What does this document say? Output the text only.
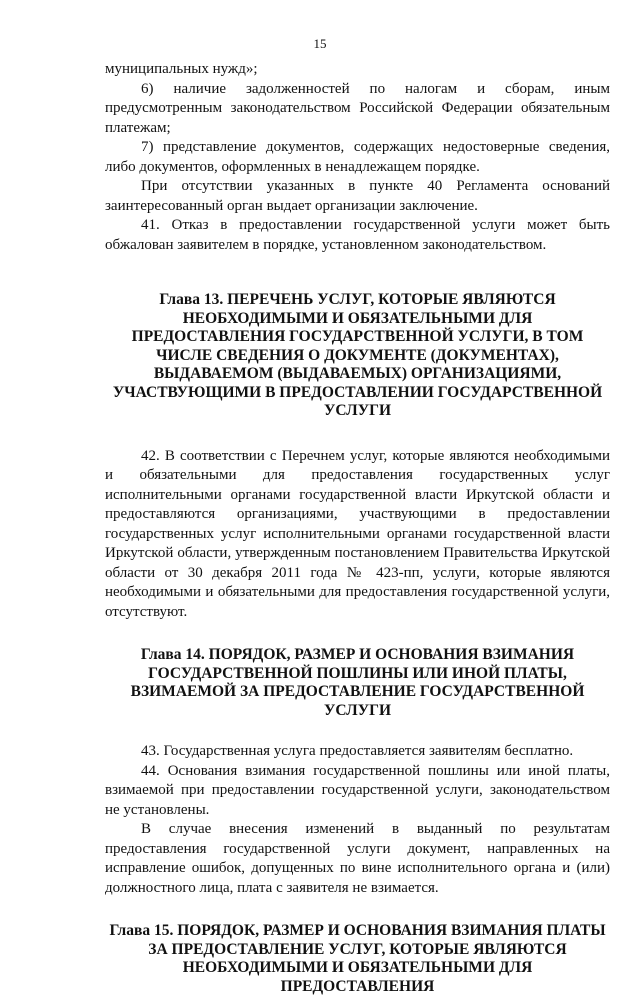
15

муниципальных нужд»;

6) наличие задолженностей по налогам и сборам, иным предусмотренным законодательством Российской Федерации обязательным платежам;

7) представление документов, содержащих недостоверные сведения, либо документов, оформленных в ненадлежащем порядке.

При отсутствии указанных в пункте 40 Регламента оснований заинтересованный орган выдает организации заключение.

41. Отказ в предоставлении государственной услуги может быть обжалован заявителем в порядке, установленном законодательством.

Глава 13. ПЕРЕЧЕНЬ УСЛУГ, КОТОРЫЕ ЯВЛЯЮТСЯ НЕОБХОДИМЫМИ И ОБЯЗАТЕЛЬНЫМИ ДЛЯ ПРЕДОСТАВЛЕНИЯ ГОСУДАРСТВЕННОЙ УСЛУГИ, В ТОМ ЧИСЛЕ СВЕДЕНИЯ О ДОКУМЕНТЕ (ДОКУМЕНТАХ), ВЫДАВАЕМОМ (ВЫДАВАЕМЫХ) ОРГАНИЗАЦИЯМИ, УЧАСТВУЮЩИМИ В ПРЕДОСТАВЛЕНИИ ГОСУДАРСТВЕННОЙ УСЛУГИ

42. В соответствии с Перечнем услуг, которые являются необходимыми и обязательными для предоставления государственных услуг исполнительными органами государственной власти Иркутской области и предоставляются организациями, участвующими в предоставлении государственных услуг исполнительными органами государственной власти Иркутской области, утвержденным постановлением Правительства Иркутской области от 30 декабря 2011 года № 423-пп, услуги, которые являются необходимыми и обязательными для предоставления государственной услуги, отсутствуют.

Глава 14. ПОРЯДОК, РАЗМЕР И ОСНОВАНИЯ ВЗИМАНИЯ ГОСУДАРСТВЕННОЙ ПОШЛИНЫ ИЛИ ИНОЙ ПЛАТЫ, ВЗИМАЕМОЙ ЗА ПРЕДОСТАВЛЕНИЕ ГОСУДАРСТВЕННОЙ УСЛУГИ

43. Государственная услуга предоставляется заявителям бесплатно.

44. Основания взимания государственной пошлины или иной платы, взимаемой при предоставлении государственной услуги, законодательством не установлены.

В случае внесения изменений в выданный по результатам предоставления государственной услуги документ, направленных на исправление ошибок, допущенных по вине исполнительного органа и (или) должностного лица, плата с заявителя не взимается.

Глава 15. ПОРЯДОК, РАЗМЕР И ОСНОВАНИЯ ВЗИМАНИЯ ПЛАТЫ ЗА ПРЕДОСТАВЛЕНИЕ УСЛУГ, КОТОРЫЕ ЯВЛЯЮТСЯ НЕОБХОДИМЫМИ И ОБЯЗАТЕЛЬНЫМИ ДЛЯ ПРЕДОСТАВЛЕНИЯ
